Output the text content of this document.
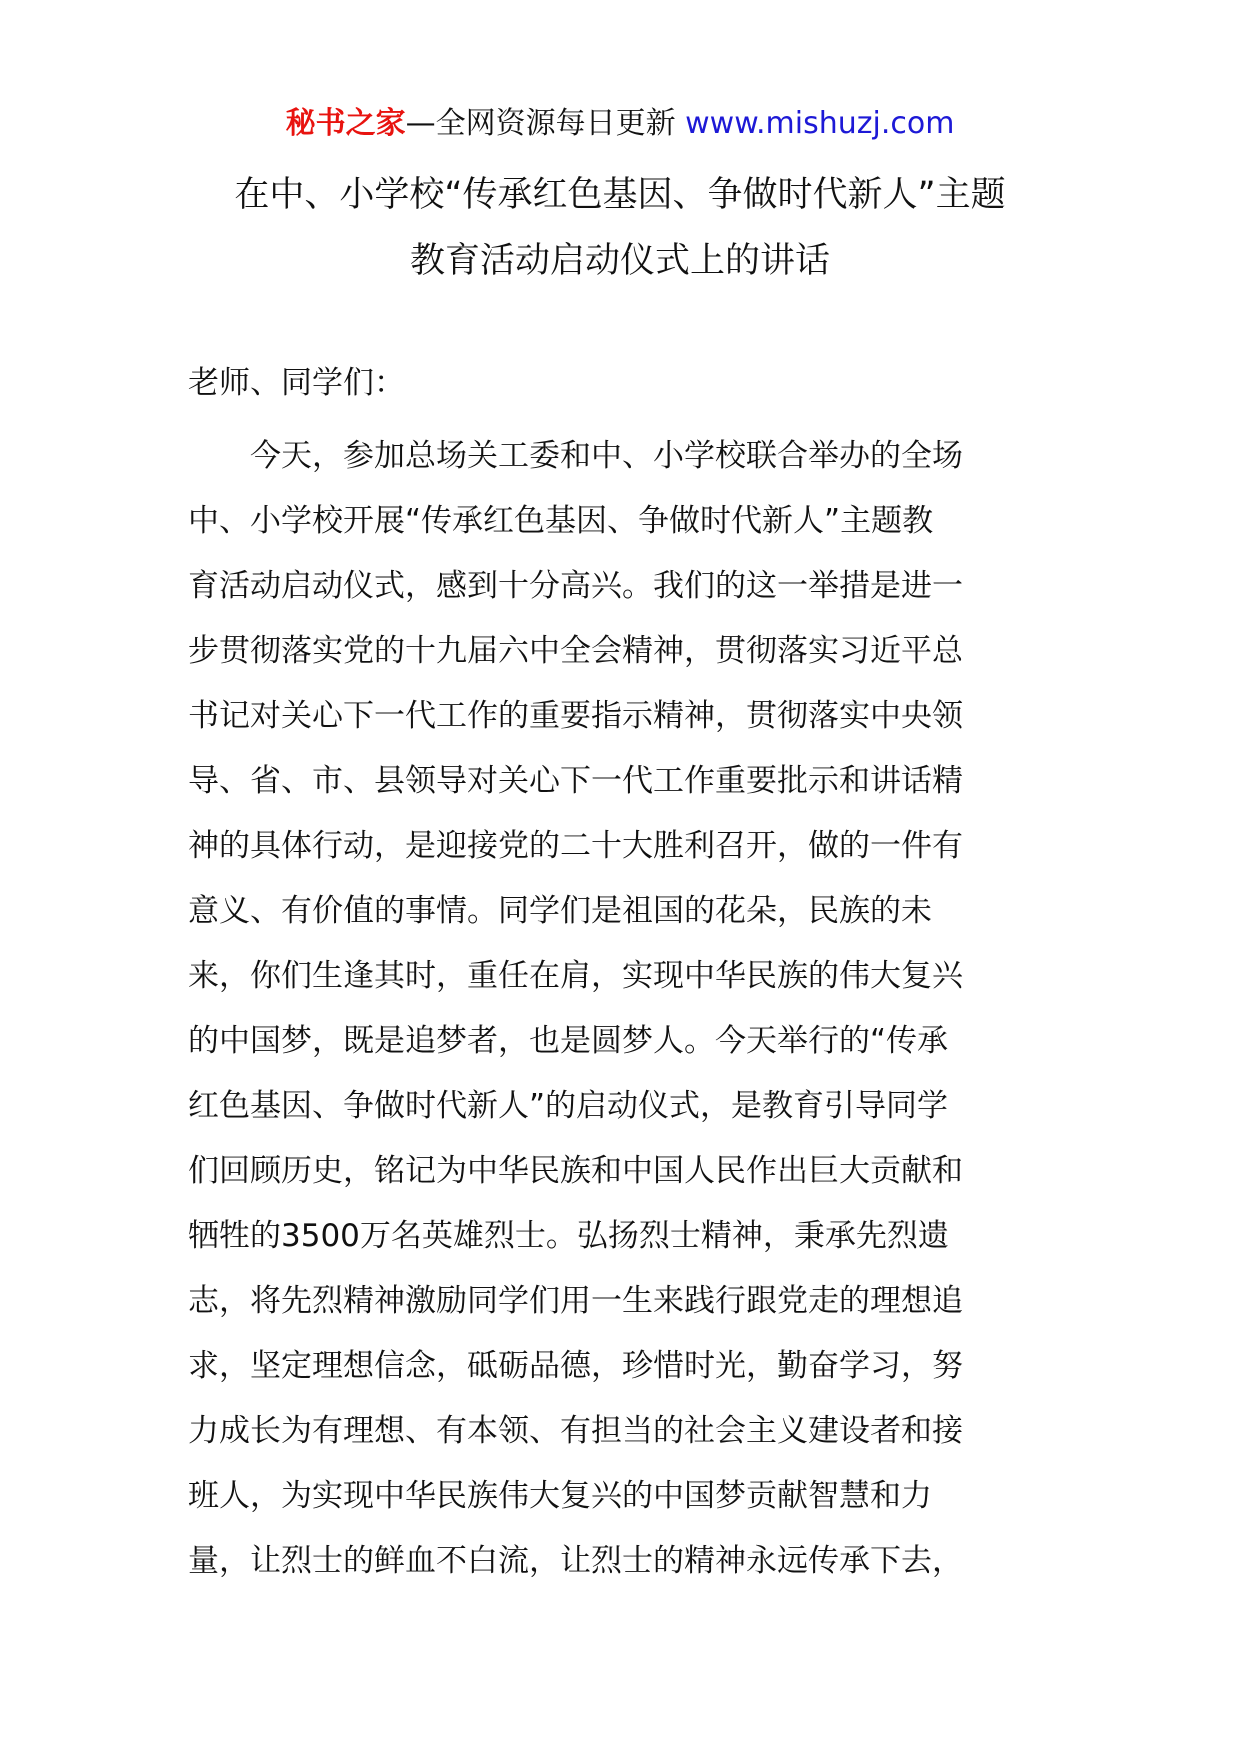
秘书之家—全网资源每日更新 www.mishuzj.com
在中、小学校“传承红色基因、争做时代新人”主题
教育活动启动仪式上的讲话
老师、同学们：
　　今天，参加总场关工委和中、小学校联合举办的全场
中、小学校开展“传承红色基因、争做时代新人”主题教
育活动启动仪式，感到十分高兴。我们的这一举措是进一
步贯彻落实党的十九届六中全会精神，贯彻落实习近平总
书记对关心下一代工作的重要指示精神，贯彻落实中央领
导、省、市、县领导对关心下一代工作重要批示和讲话精
神的具体行动，是迎接党的二十大胜利召开，做的一件有
意义、有价值的事情。同学们是祖国的花朵，民族的未
来，你们生逢其时，重任在肩，实现中华民族的伟大复兴
的中国梦，既是追梦者，也是圆梦人。今天举行的“传承
红色基因、争做时代新人”的启动仪式，是教育引导同学
们回顾历史，铭记为中华民族和中国人民作出巨大贡献和
牺牲的3500万名英雄烈士。弘扬烈士精神，秉承先烈遗
志，将先烈精神激励同学们用一生来践行跟党走的理想追
求，坚定理想信念，砥砺品德，珍惜时光，勤奋学习，努
力成长为有理想、有本领、有担当的社会主义建设者和接
班人，为实现中华民族伟大复兴的中国梦贡献智慧和力
量，让烈士的鲜血不白流，让烈士的精神永远传承下去，
